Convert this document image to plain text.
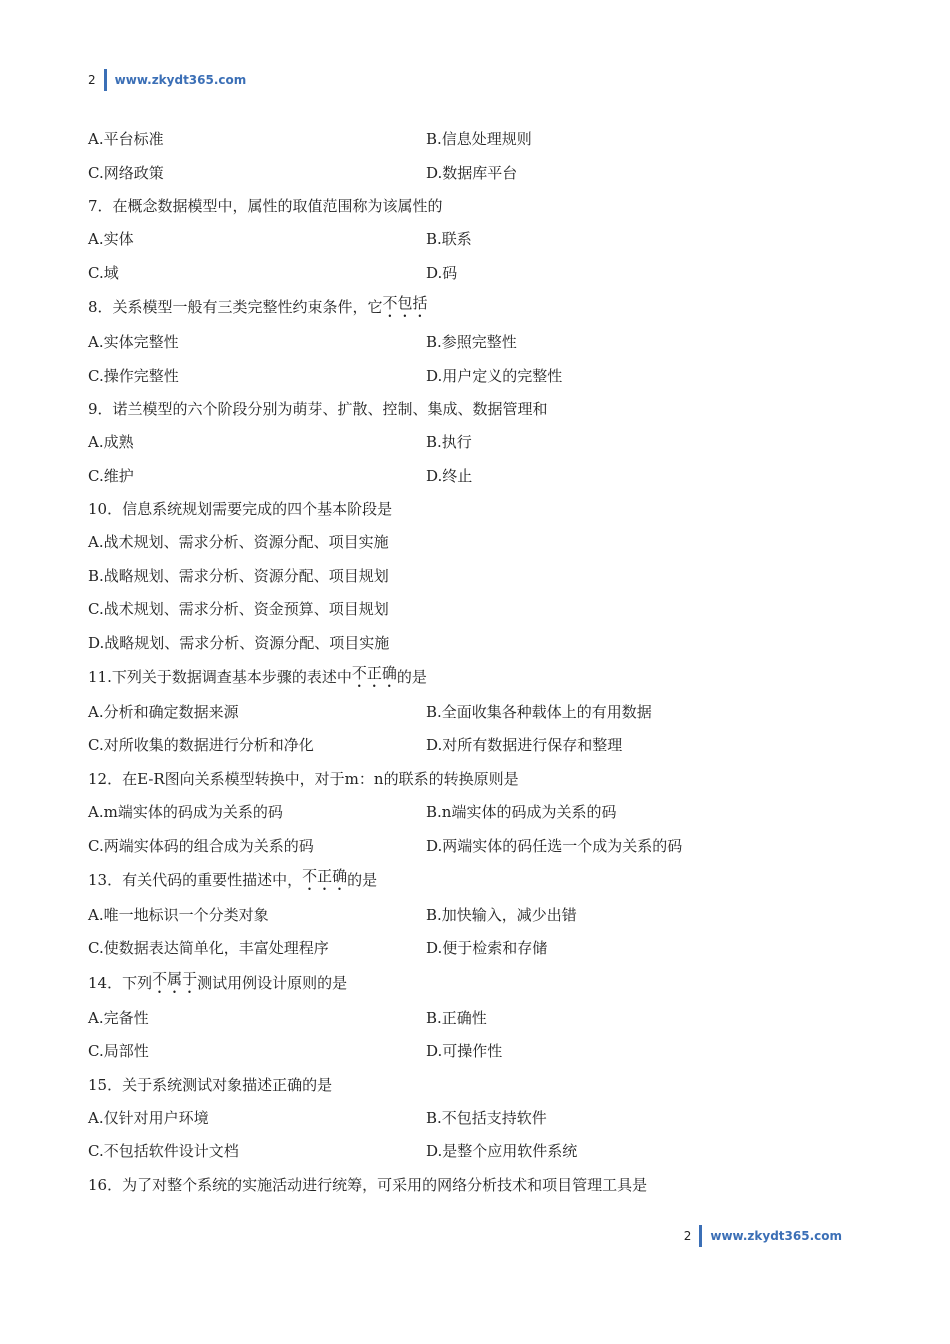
2 www.zkydt365.com
A.平台标准	B.信息处理规则
C.网络政策	D.数据库平台
7．在概念数据模型中，属性的取值范围称为该属性的
A.实体	B.联系
C.域	D.码
8．关系模型一般有三类完整性约束条件，它 不包括
A.实体完整性	B.参照完整性
C.操作完整性	D.用户定义的完整性
9．诺兰模型的六个阶段分别为萌芽、扩散、控制、集成、数据管理和
A.成熟	B.执行
C.维护	D.终止
10．信息系统规划需要完成的四个基本阶段是
A.战术规划、需求分析、资源分配、项目实施
B.战略规划、需求分析、资源分配、项目规划
C.战术规划、需求分析、资金预算、项目规划
D.战略规划、需求分析、资源分配、项目实施
11.下列关于数据调查基本步骤的表述中 不正确 的是
A.分析和确定数据来源	B.全面收集各种载体上的有用数据
C.对所收集的数据进行分析和净化	D.对所有数据进行保存和整理
12．在E-R图向关系模型转换中，对于m：n的联系的转换原则是
A.m端实体的码成为关系的码	B.n端实体的码成为关系的码
C.两端实体码的组合成为关系的码	D.两端实体的码任选一个成为关系的码
13．有关代码的重要性描述中， 不正确 的是
A.唯一地标识一个分类对象	B.加快输入，减少出错
C.使数据表达简单化，丰富处理程序	D.便于检索和存储
14．下列 不属于 测试用例设计原则的是
A.完备性	B.正确性
C.局部性	D.可操作性
15．关于系统测试对象描述正确的是
A.仅针对用户环境	B.不包括支持软件
C.不包括软件设计文档	D.是整个应用软件系统
16．为了对整个系统的实施活动进行统筹，可采用的网络分析技术和项目管理工具是
2 www.zkydt365.com
